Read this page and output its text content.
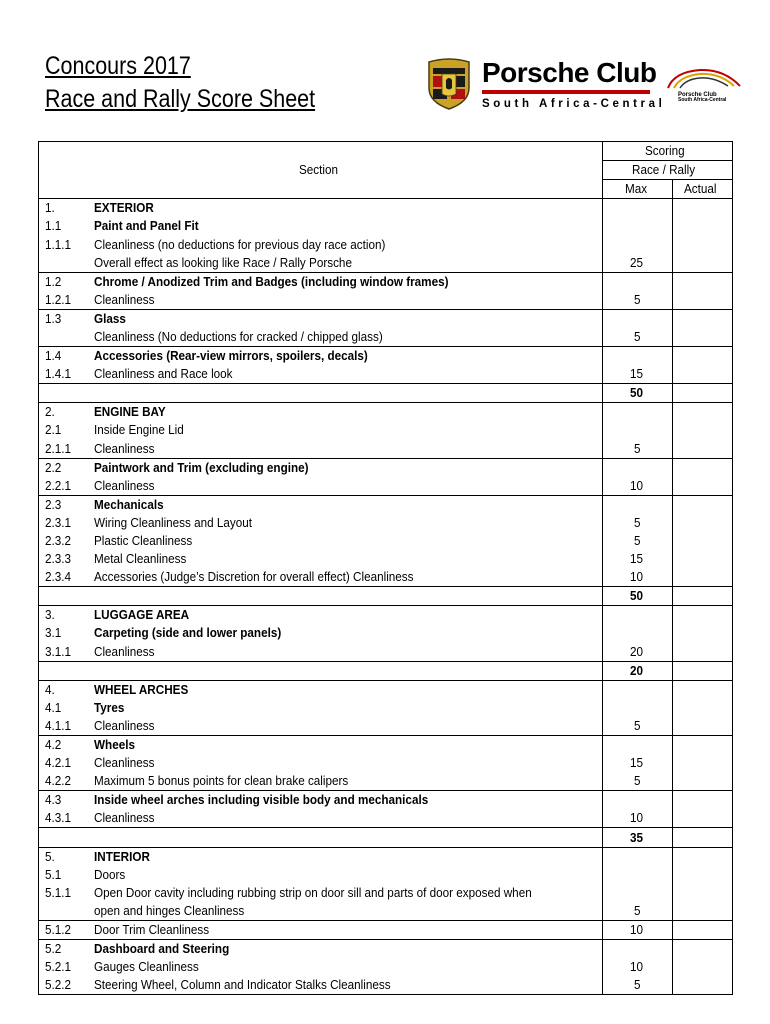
Concours 2017
Race and Rally Score Sheet
Porsche Club
South Africa-Central
Porsche Club
South Africa-Central
Section		Scoring	
		Race / Rally	
		Max	Actual
1.	EXTERIOR		
1.1	Paint and Panel Fit		
1.1.1	Cleanliness (no deductions for previous day race action)		
	Overall effect as looking like Race / Rally Porsche	25	
1.2	Chrome / Anodized Trim and Badges (including window frames)		
1.2.1	Cleanliness	5	
1.3	Glass		
	Cleanliness (No deductions for cracked / chipped glass)	5	
1.4	Accessories (Rear-view mirrors, spoilers, decals)		
1.4.1	Cleanliness and Race look	15	
		50	
2.	ENGINE BAY		
2.1	Inside Engine Lid		
2.1.1	Cleanliness	5	
2.2	Paintwork and Trim (excluding engine)		
2.2.1	Cleanliness	10	
2.3	Mechanicals		
2.3.1	Wiring Cleanliness and Layout	5	
2.3.2	Plastic Cleanliness	5	
2.3.3	Metal Cleanliness	15	
2.3.4	Accessories (Judge’s Discretion for overall effect) Cleanliness	10	
		50	
3.	LUGGAGE AREA		
3.1	Carpeting (side and lower panels)		
3.1.1	Cleanliness	20	
		20	
4.	WHEEL ARCHES		
4.1	Tyres		
4.1.1	Cleanliness	5	
4.2	Wheels		
4.2.1	Cleanliness	15	
4.2.2	Maximum 5 bonus points for clean brake calipers	5	
4.3	Inside wheel arches including visible body and mechanicals		
4.3.1	Cleanliness	10	
		35	
5.	INTERIOR		
5.1	Doors		
5.1.1	Open Door cavity including rubbing strip on door sill and parts of door exposed when		
	open and hinges Cleanliness	5	
5.1.2	Door Trim Cleanliness	10	
5.2	Dashboard and Steering		
5.2.1	Gauges Cleanliness	10	
5.2.2	Steering Wheel, Column and Indicator Stalks Cleanliness	5	
